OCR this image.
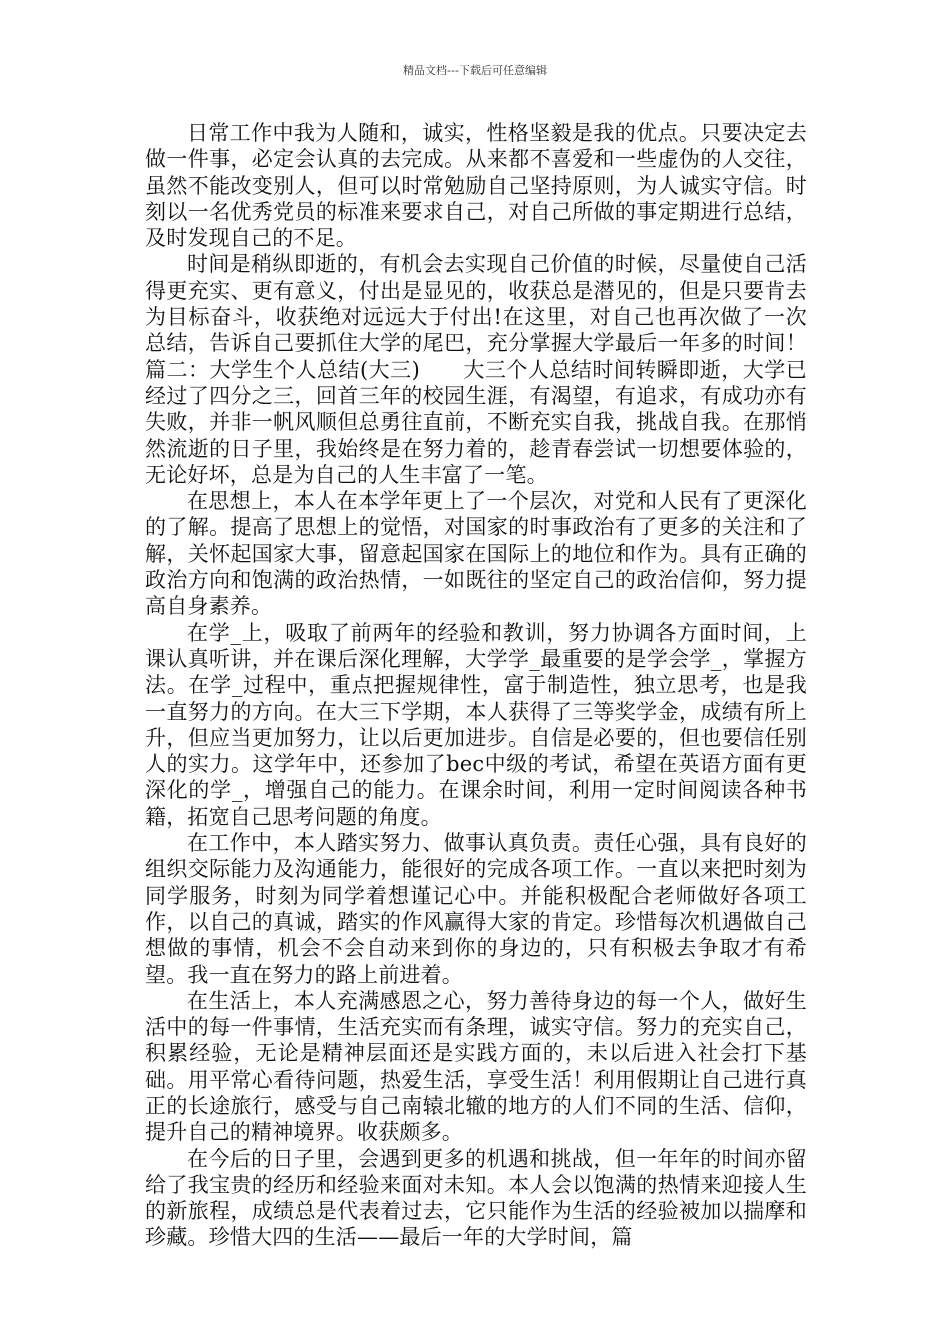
精品文档---下载后可任意编辑

日常工作中我为人随和，诚实，性格坚毅是我的优点。只要决定去做一件事，必定会认真的去完成。从来都不喜爱和一些虚伪的人交往，虽然不能改变别人，但可以时常勉励自己坚持原则，为人诚实守信。时刻以一名优秀党员的标准来要求自己，对自己所做的事定期进行总结，及时发现自己的不足。

时间是稍纵即逝的，有机会去实现自己价值的时候，尽量使自己活得更充实、更有意义，付出是显见的，收获总是潜见的，但是只要肯去为目标奋斗，收获绝对远远大于付出!在这里，对自己也再次做了一次总结，告诉自己要抓住大学的尾巴，充分掌握大学最后一年多的时间！篇二：大学生个人总结(大三)　　大三个人总结时间转瞬即逝，大学已经过了四分之三，回首三年的校园生涯，有渴望，有追求，有成功亦有失败，并非一帆风顺但总勇往直前，不断充实自我，挑战自我。在那悄然流逝的日子里，我始终是在努力着的，趁青春尝试一切想要体验的，无论好坏，总是为自己的人生丰富了一笔。

在思想上，本人在本学年更上了一个层次，对党和人民有了更深化的了解。提高了思想上的觉悟，对国家的时事政治有了更多的关注和了解，关怀起国家大事，留意起国家在国际上的地位和作为。具有正确的政治方向和饱满的政治热情，一如既往的坚定自己的政治信仰，努力提高自身素养。

在学_上，吸取了前两年的经验和教训，努力协调各方面时间，上课认真听讲，并在课后深化理解，大学学_最重要的是学会学_，掌握方法。在学_过程中，重点把握规律性，富于制造性，独立思考，也是我一直努力的方向。在大三下学期，本人获得了三等奖学金，成绩有所上升，但应当更加努力，让以后更加进步。自信是必要的，但也要信任别人的实力。这学年中，还参加了bec中级的考试，希望在英语方面有更深化的学_，增强自己的能力。在课余时间，利用一定时间阅读各种书籍，拓宽自己思考问题的角度。

在工作中，本人踏实努力、做事认真负责。责任心强，具有良好的组织交际能力及沟通能力，能很好的完成各项工作。一直以来把时刻为同学服务，时刻为同学着想谨记心中。并能积极配合老师做好各项工作，以自己的真诚，踏实的作风赢得大家的肯定。珍惜每次机遇做自己想做的事情，机会不会自动来到你的身边的，只有积极去争取才有希望。我一直在努力的路上前进着。

在生活上，本人充满感恩之心，努力善待身边的每一个人，做好生活中的每一件事情，生活充实而有条理，诚实守信。努力的充实自己，积累经验，无论是精神层面还是实践方面的，未以后进入社会打下基础。用平常心看待问题，热爱生活，享受生活！利用假期让自己进行真正的长途旅行，感受与自己南辕北辙的地方的人们不同的生活、信仰，提升自己的精神境界。收获颇多。

在今后的日子里，会遇到更多的机遇和挑战，但一年年的时间亦留给了我宝贵的经历和经验来面对未知。本人会以饱满的热情来迎接人生的新旅程，成绩总是代表着过去，它只能作为生活的经验被加以揣摩和珍藏。珍惜大四的生活——最后一年的大学时间，篇
